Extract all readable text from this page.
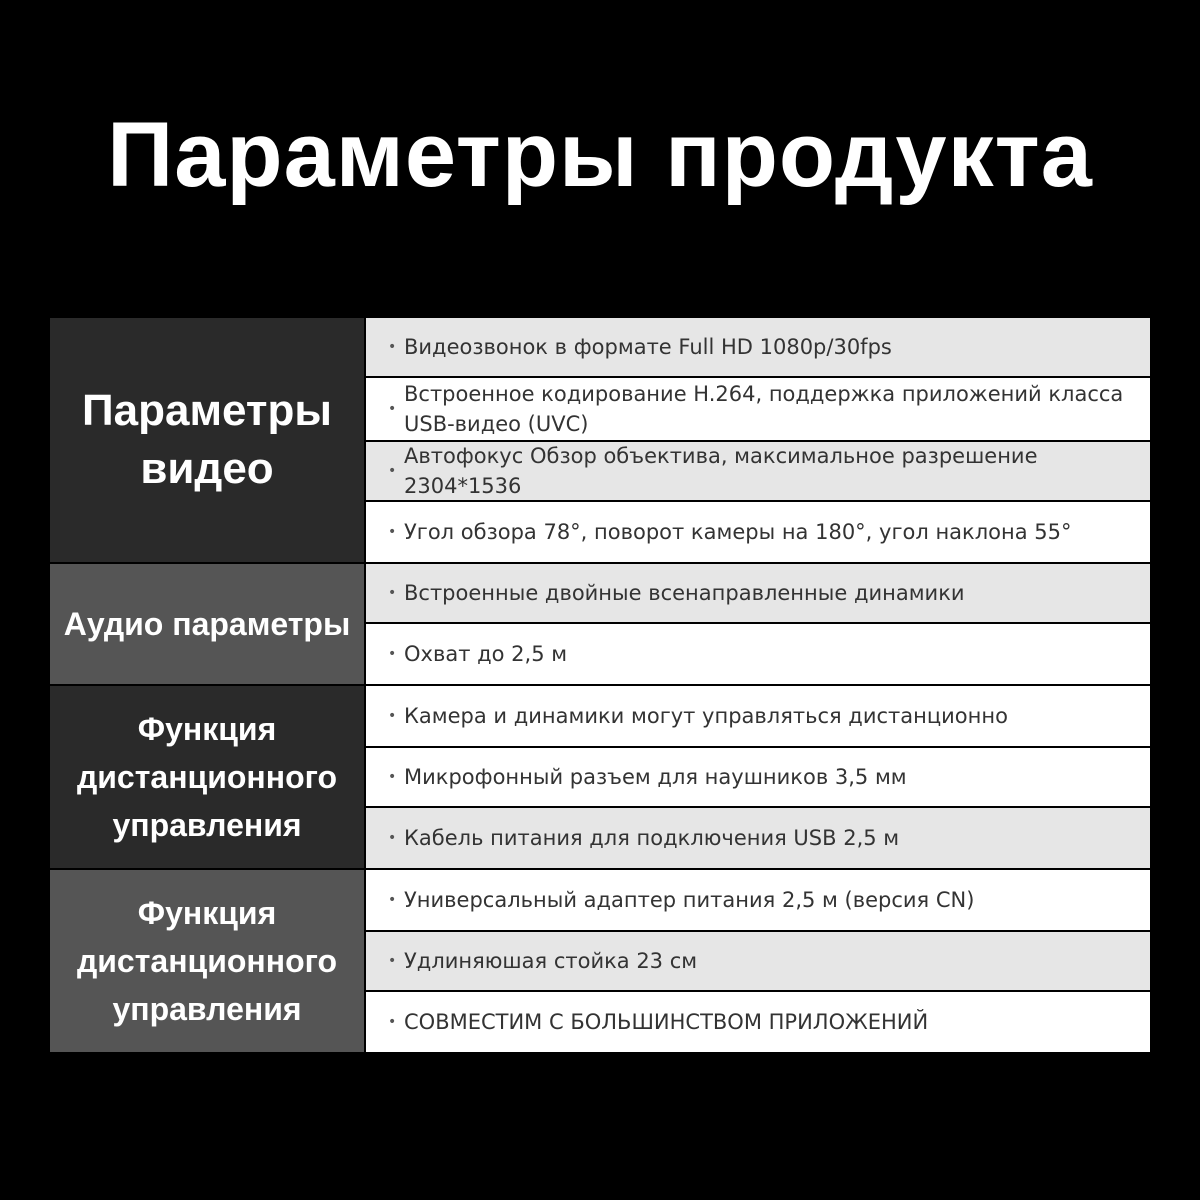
Параметры продукта
Параметры видео
• Видеозвонок в формате Full HD 1080p/30fps
•
Встроенное кодирование H.264, поддержка приложений класса USB-видео (UVC)
•
Автофокус Обзор объектива, максимальное разрешение 2304*1536
• Угол обзора 78°, поворот камеры на 180°, угол наклона 55°
Аудио параметры
• Встроенные двойные всенаправленные динамики
• Охват до 2,5 м
Функция дистанционного управления
• Камера и динамики могут управляться дистанционно
• Микрофонный разъем для наушников 3,5 мм
• Кабель питания для подключения USB 2,5 м
Функция дистанционного управления
• Универсальный адаптер питания 2,5 м (версия CN)
• Удлиняюшая стойка 23 см
• СОВМЕСТИМ С БОЛЬШИНСТВОМ ПРИЛОЖЕНИЙ
